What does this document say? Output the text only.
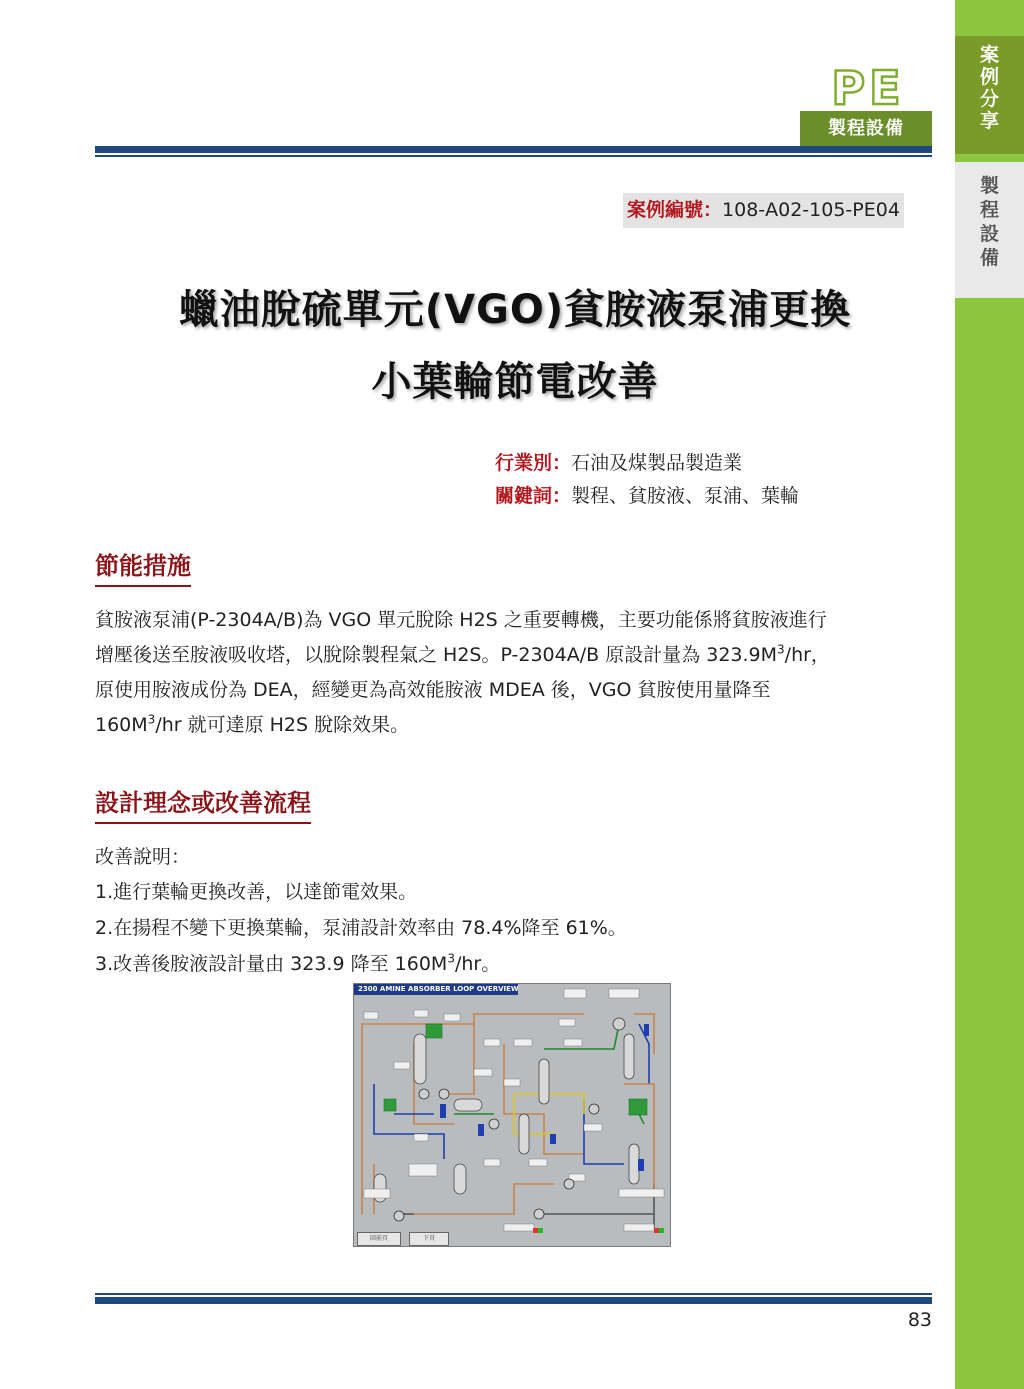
案例分享
製程設備
PE
製程設備
案例編號：108-A02-105-PE04
蠟油脫硫單元(VGO)貧胺液泵浦更換
小葉輪節電改善
行業別：石油及煤製品製造業
關鍵詞：製程、貧胺液、泵浦、葉輪
節能措施
貧胺液泵浦(P-2304A/B)為 VGO 單元脫除 H2S 之重要轉機，主要功能係將貧胺液進行
增壓後送至胺液吸收塔，以脫除製程氣之 H2S。P-2304A/B 原設計量為 $323.9M^3/hr$，
原使用胺液成份為 DEA，經變更為高效能胺液 MDEA 後，VGO 貧胺使用量降至
$160M^3/hr$ 就可達原 H2S 脫除效果。
設計理念或改善流程
改善說明：
1.進行葉輪更換改善，以達節電效果。
2.在揚程不變下更換葉輪，泵浦設計效率由 78.4%降至 61%。
3.改善後胺液設計量由 323.9 降至 $160M^3/hr$。
2300 AMINE ABSORBER LOOP OVERVIEW
回前頁	下頁
83
